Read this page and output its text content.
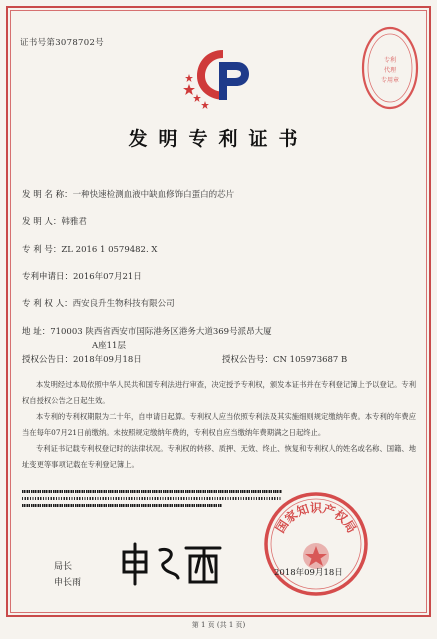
证书号第3078702号
专利
代理
专用章
发明专利证书
发 明 名 称：一种快速检测血液中缺血修饰白蛋白的芯片
发 明 人：韩雅君
专 利 号：ZL 2016 1 0579482. X
专利申请日：2016年07月21日
专 利 权 人：西安良升生物科技有限公司
地 址：710003 陕西省西安市国际港务区港务大道369号派昂大厦
A座11层
授权公告日：2018年09月18日	授权公告号：CN 105973687 B

本发明经过本局依照中华人民共和国专利法进行审查，决定授予专利权，颁发本证书并在专利登记簿上予以登记。专利权自授权公告之日起生效。

本专利的专利权期限为二十年，自申请日起算。专利权人应当依照专利法及其实施细则规定缴纳年费。本专利的年费应当在每年07月21日前缴纳。未按照规定缴纳年费的，专利权自应当缴纳年费期满之日起终止。

专利证书记载专利权登记时的法律状况。专利权的转移、质押、无效、终止、恢复和专利权人的姓名或名称、国籍、地址变更等事项记载在专利登记簿上。

局长
申长雨
国家知识产权局
2018年09月18日
第 1 页 (共 1 页)
